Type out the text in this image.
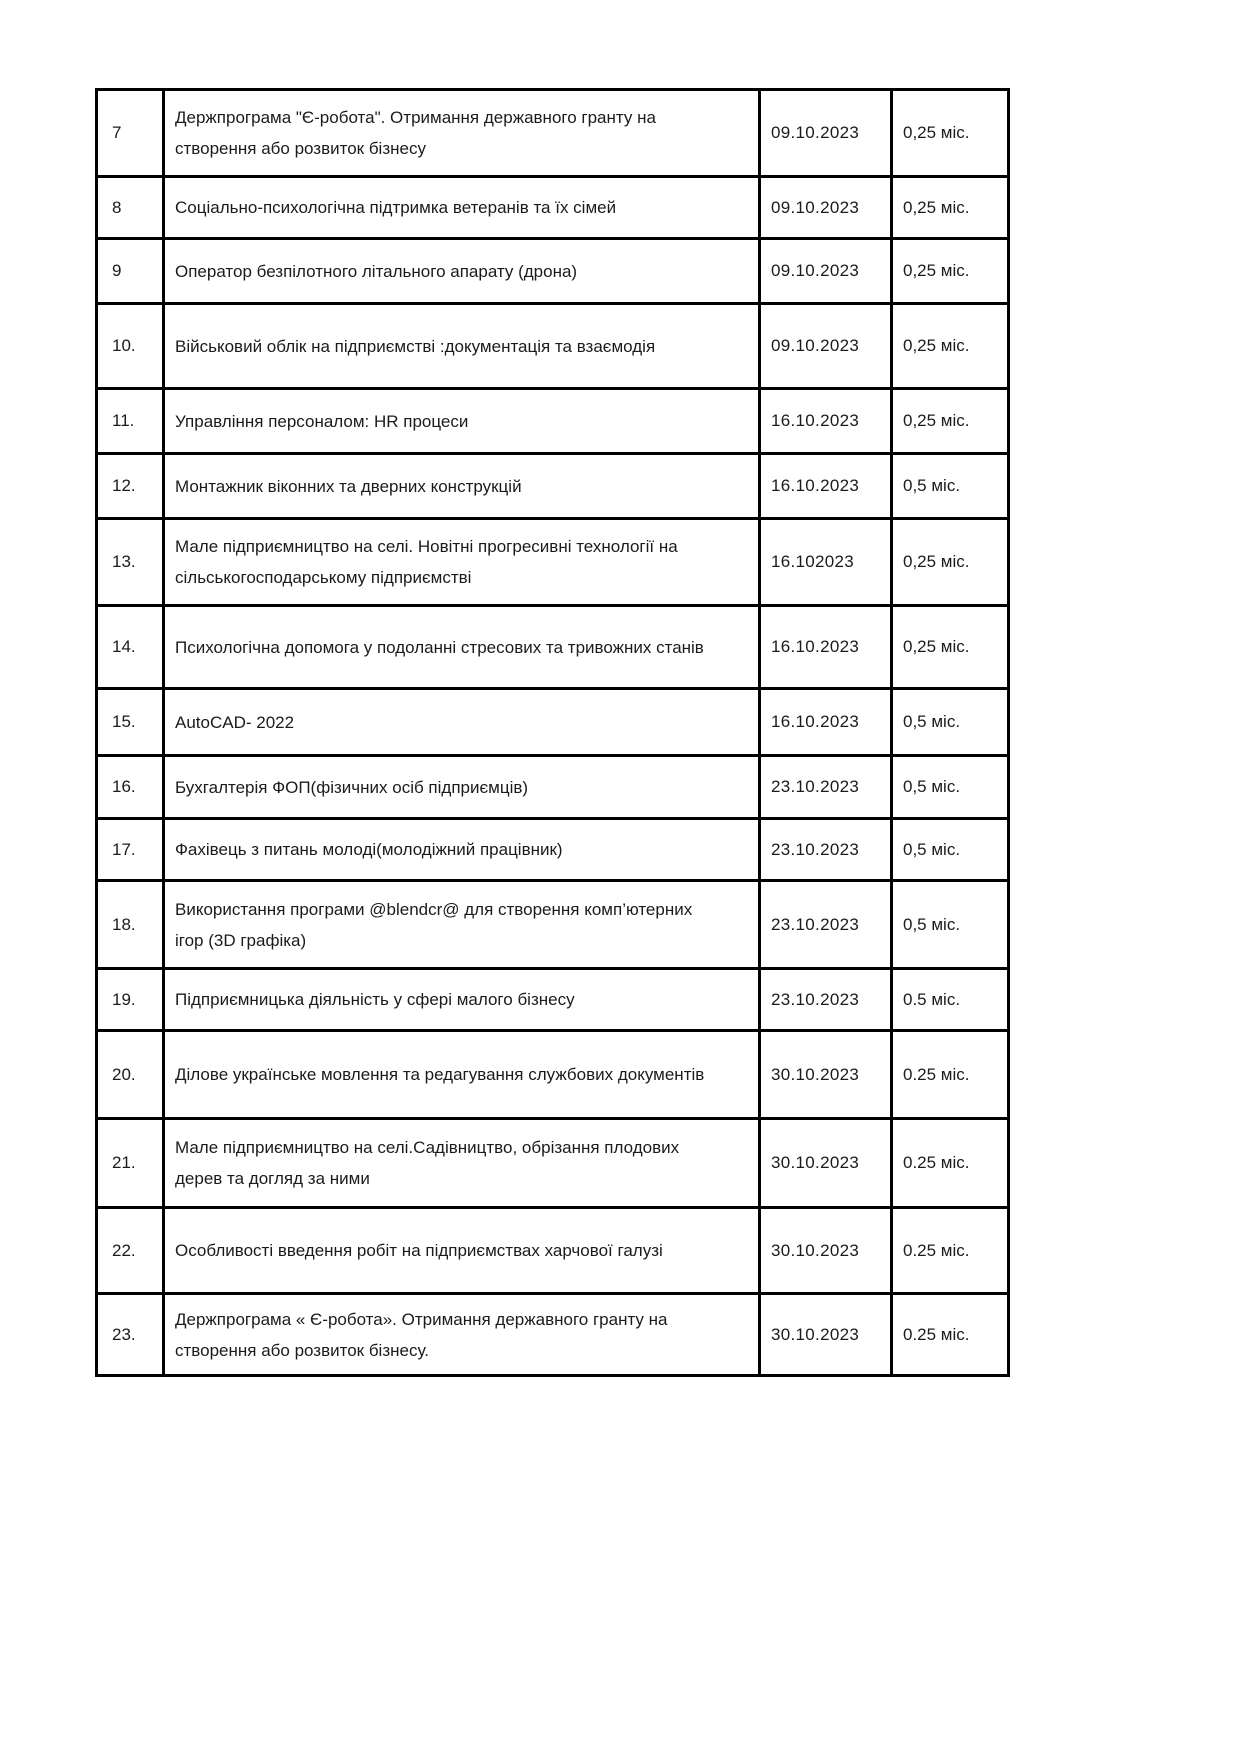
7	Держпрограма "Є-робота". Отримання державного гранту на створення або розвиток бізнесу	09.10.2023	0,25 міс.
8	Соціально-психологічна підтримка ветеранів та їх сімей	09.10.2023	0,25 міс.
9	Оператор безпілотного літального апарату (дрона)	09.10.2023	0,25 міс.
10.	Військовий облік на підприємстві :документація та взаємодія	09.10.2023	0,25 міс.
11.	Управління персоналом: HR процеси	16.10.2023	0,25 міс.
12.	Монтажник віконних та дверних конструкцій	16.10.2023	0,5 міс.
13.	Мале підприємництво на селі. Новітні прогресивні технології на сільськогосподарському підприємстві	16.102023	0,25 міс.
14.	Психологічна допомога у подоланні стресових та тривожних станів	16.10.2023	0,25 міс.
15.	AutoCAD- 2022	16.10.2023	0,5 міс.
16.	Бухгалтерія ФОП(фізичних осіб підприємців)	23.10.2023	0,5 міс.
17.	Фахівець з питань молоді(молодіжний працівник)	23.10.2023	0,5 міс.
18.	Використання програми @blendcr@ для створення комп’ютерних ігор (3D графіка)	23.10.2023	0,5 міс.
19.	Підприємницька діяльність у сфері малого бізнесу	23.10.2023	0.5 міс.
20.	Ділове українське мовлення та редагування службових документів	30.10.2023	0.25 міс.
21.	Мале підприємництво на селі.Садівництво, обрізання плодових дерев та догляд за ними	30.10.2023	0.25 міс.
22.	Особливості введення робіт на підприємствах харчової галузі	30.10.2023	0.25 міс.
23.	Держпрограма « Є-робота». Отримання державного гранту на створення або розвиток бізнесу.	30.10.2023	0.25 міс.
